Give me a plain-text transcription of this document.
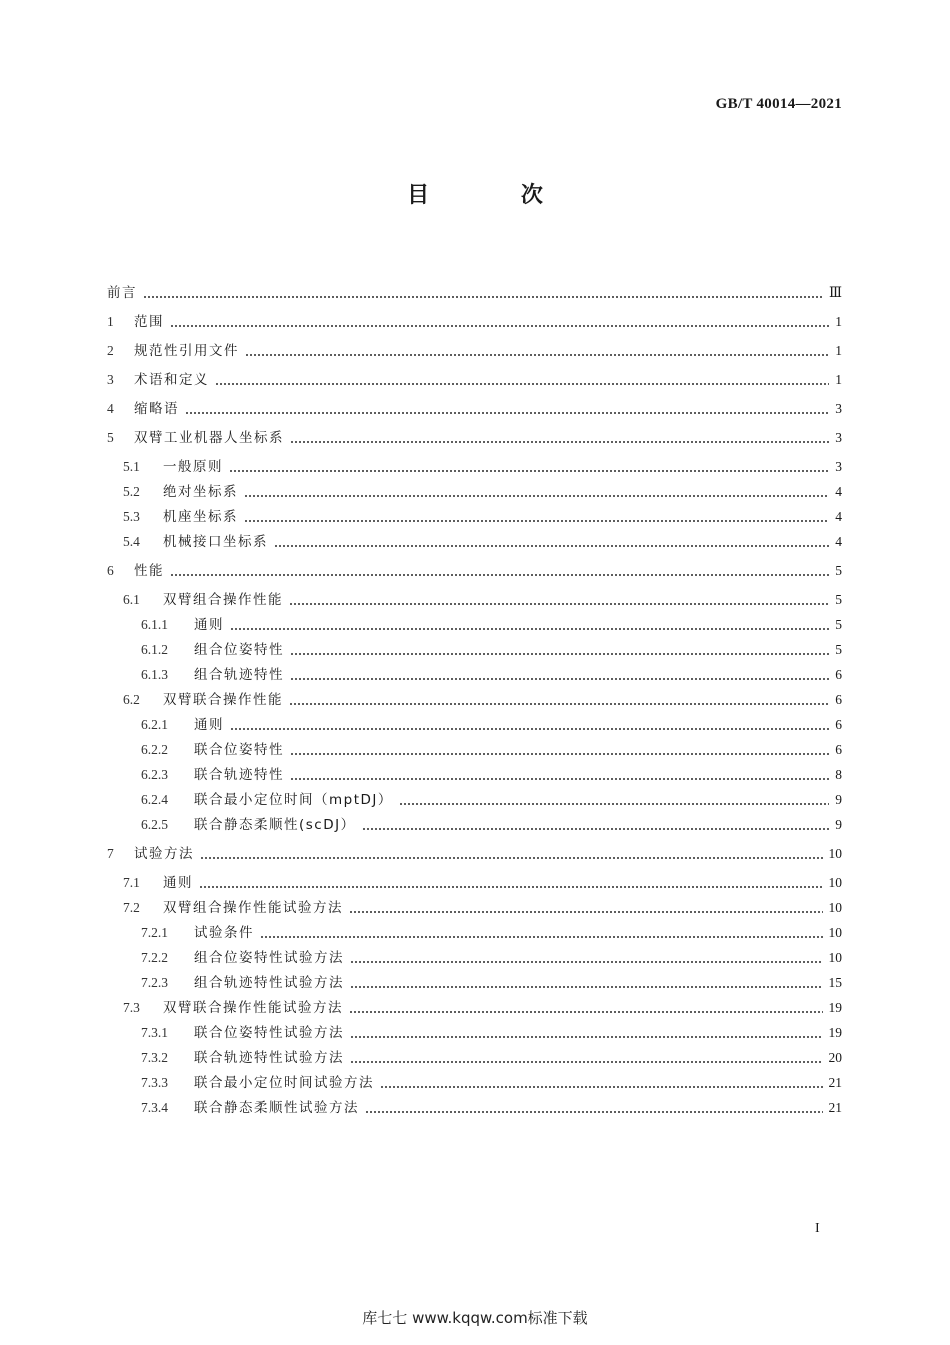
GB/T 40014—2021
目 次
前言	Ⅲ
1	范围	1
2	规范性引用文件	1
3	术语和定义	1
4	缩略语	3
5	双臂工业机器人坐标系	3
5.1	一般原则	3
5.2	绝对坐标系	4
5.3	机座坐标系	4
5.4	机械接口坐标系	4
6	性能	5
6.1	双臂组合操作性能	5
6.1.1	通则	5
6.1.2	组合位姿特性	5
6.1.3	组合轨迹特性	6
6.2	双臂联合操作性能	6
6.2.1	通则	6
6.2.2	联合位姿特性	6
6.2.3	联合轨迹特性	8
6.2.4	联合最小定位时间（mptDJ）	9
6.2.5	联合静态柔顺性(scDJ）	9
7	试验方法	10
7.1	通则	10
7.2	双臂组合操作性能试验方法	10
7.2.1	试验条件	10
7.2.2	组合位姿特性试验方法	10
7.2.3	组合轨迹特性试验方法	15
7.3	双臂联合操作性能试验方法	19
7.3.1	联合位姿特性试验方法	19
7.3.2	联合轨迹特性试验方法	20
7.3.3	联合最小定位时间试验方法	21
7.3.4	联合静态柔顺性试验方法	21
I
库七七 www.kqqw.com标准下载
